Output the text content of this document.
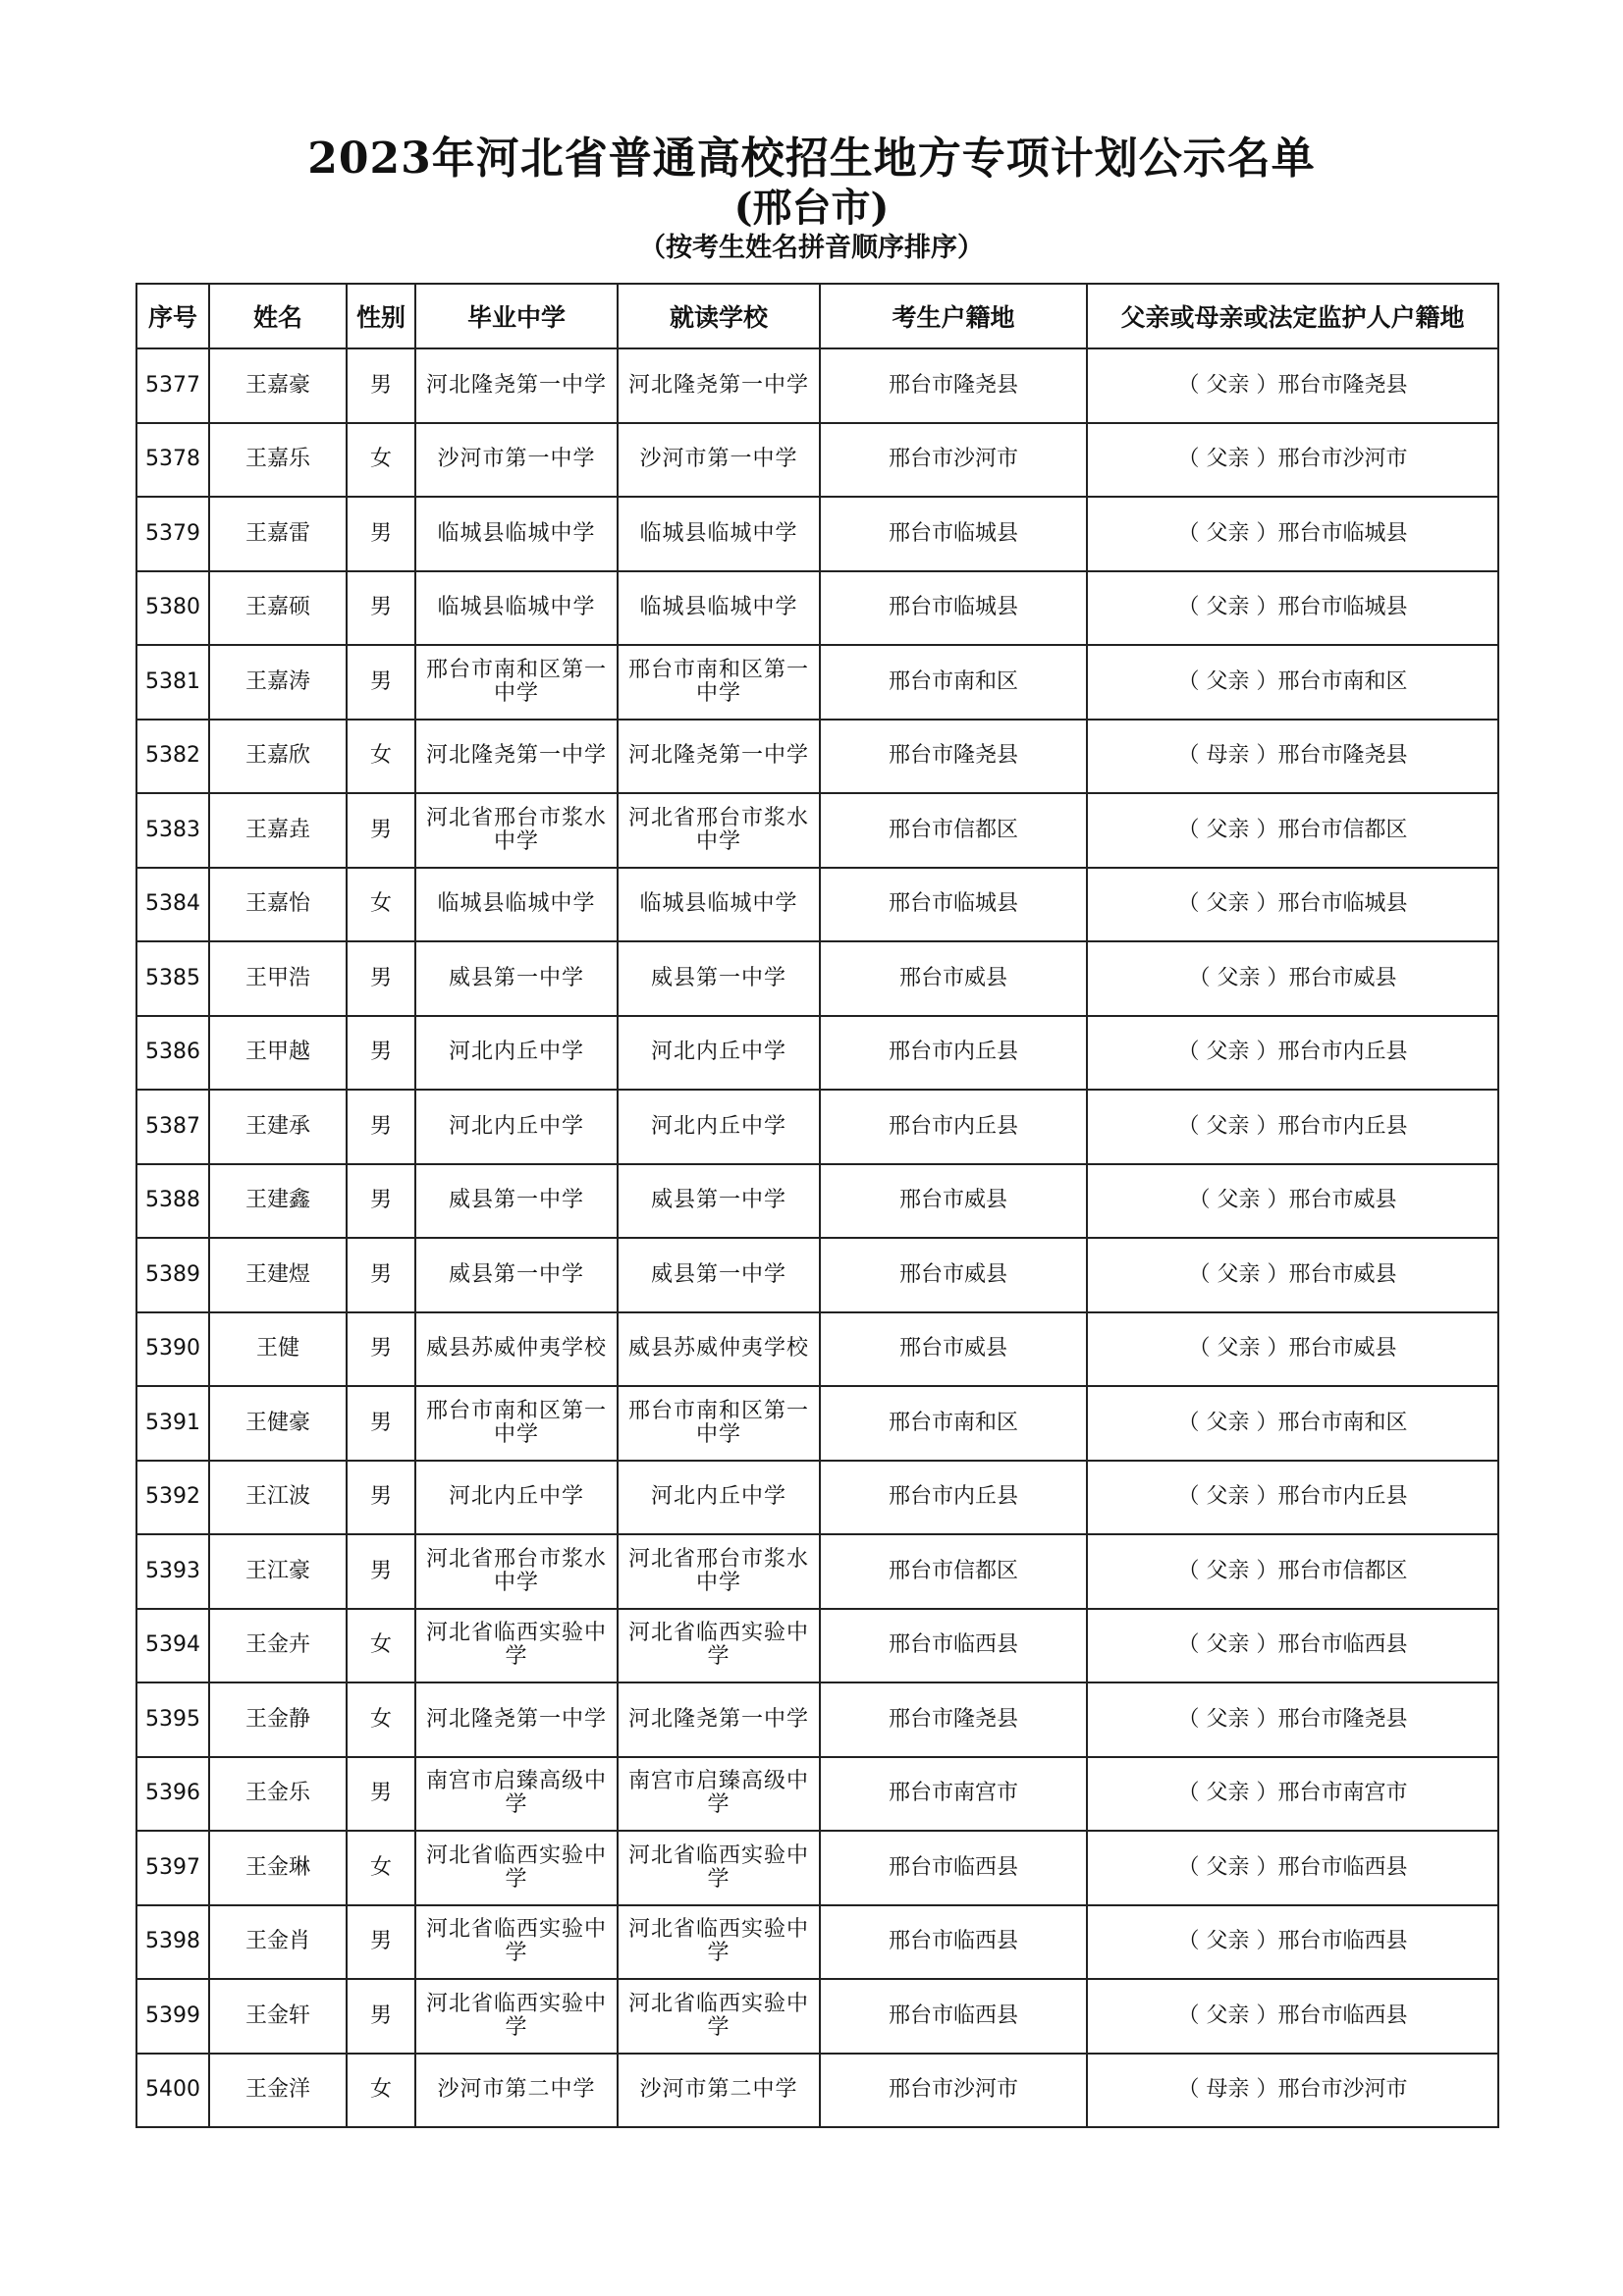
2023年河北省普通高校招生地方专项计划公示名单
(邢台市)
（按考生姓名拼音顺序排序）
序号	姓名	性别	毕业中学	就读学校	考生户籍地	父亲或母亲或法定监护人户籍地
5377	王嘉豪	男	河北隆尧第一中学	河北隆尧第一中学	邢台市隆尧县	（ 父亲 ）邢台市隆尧县
5378	王嘉乐	女	沙河市第一中学	沙河市第一中学	邢台市沙河市	（ 父亲 ）邢台市沙河市
5379	王嘉雷	男	临城县临城中学	临城县临城中学	邢台市临城县	（ 父亲 ）邢台市临城县
5380	王嘉硕	男	临城县临城中学	临城县临城中学	邢台市临城县	（ 父亲 ）邢台市临城县
5381	王嘉涛	男	邢台市南和区第一中学	邢台市南和区第一中学	邢台市南和区	（ 父亲 ）邢台市南和区
5382	王嘉欣	女	河北隆尧第一中学	河北隆尧第一中学	邢台市隆尧县	（ 母亲 ）邢台市隆尧县
5383	王嘉垚	男	河北省邢台市浆水中学	河北省邢台市浆水中学	邢台市信都区	（ 父亲 ）邢台市信都区
5384	王嘉怡	女	临城县临城中学	临城县临城中学	邢台市临城县	（ 父亲 ）邢台市临城县
5385	王甲浩	男	威县第一中学	威县第一中学	邢台市威县	（ 父亲 ）邢台市威县
5386	王甲越	男	河北内丘中学	河北内丘中学	邢台市内丘县	（ 父亲 ）邢台市内丘县
5387	王建承	男	河北内丘中学	河北内丘中学	邢台市内丘县	（ 父亲 ）邢台市内丘县
5388	王建鑫	男	威县第一中学	威县第一中学	邢台市威县	（ 父亲 ）邢台市威县
5389	王建煜	男	威县第一中学	威县第一中学	邢台市威县	（ 父亲 ）邢台市威县
5390	王健	男	威县苏威仲夷学校	威县苏威仲夷学校	邢台市威县	（ 父亲 ）邢台市威县
5391	王健豪	男	邢台市南和区第一中学	邢台市南和区第一中学	邢台市南和区	（ 父亲 ）邢台市南和区
5392	王江波	男	河北内丘中学	河北内丘中学	邢台市内丘县	（ 父亲 ）邢台市内丘县
5393	王江豪	男	河北省邢台市浆水中学	河北省邢台市浆水中学	邢台市信都区	（ 父亲 ）邢台市信都区
5394	王金卉	女	河北省临西实验中学	河北省临西实验中学	邢台市临西县	（ 父亲 ）邢台市临西县
5395	王金静	女	河北隆尧第一中学	河北隆尧第一中学	邢台市隆尧县	（ 父亲 ）邢台市隆尧县
5396	王金乐	男	南宫市启臻高级中学	南宫市启臻高级中学	邢台市南宫市	（ 父亲 ）邢台市南宫市
5397	王金琳	女	河北省临西实验中学	河北省临西实验中学	邢台市临西县	（ 父亲 ）邢台市临西县
5398	王金肖	男	河北省临西实验中学	河北省临西实验中学	邢台市临西县	（ 父亲 ）邢台市临西县
5399	王金轩	男	河北省临西实验中学	河北省临西实验中学	邢台市临西县	（ 父亲 ）邢台市临西县
5400	王金洋	女	沙河市第二中学	沙河市第二中学	邢台市沙河市	（ 母亲 ）邢台市沙河市
